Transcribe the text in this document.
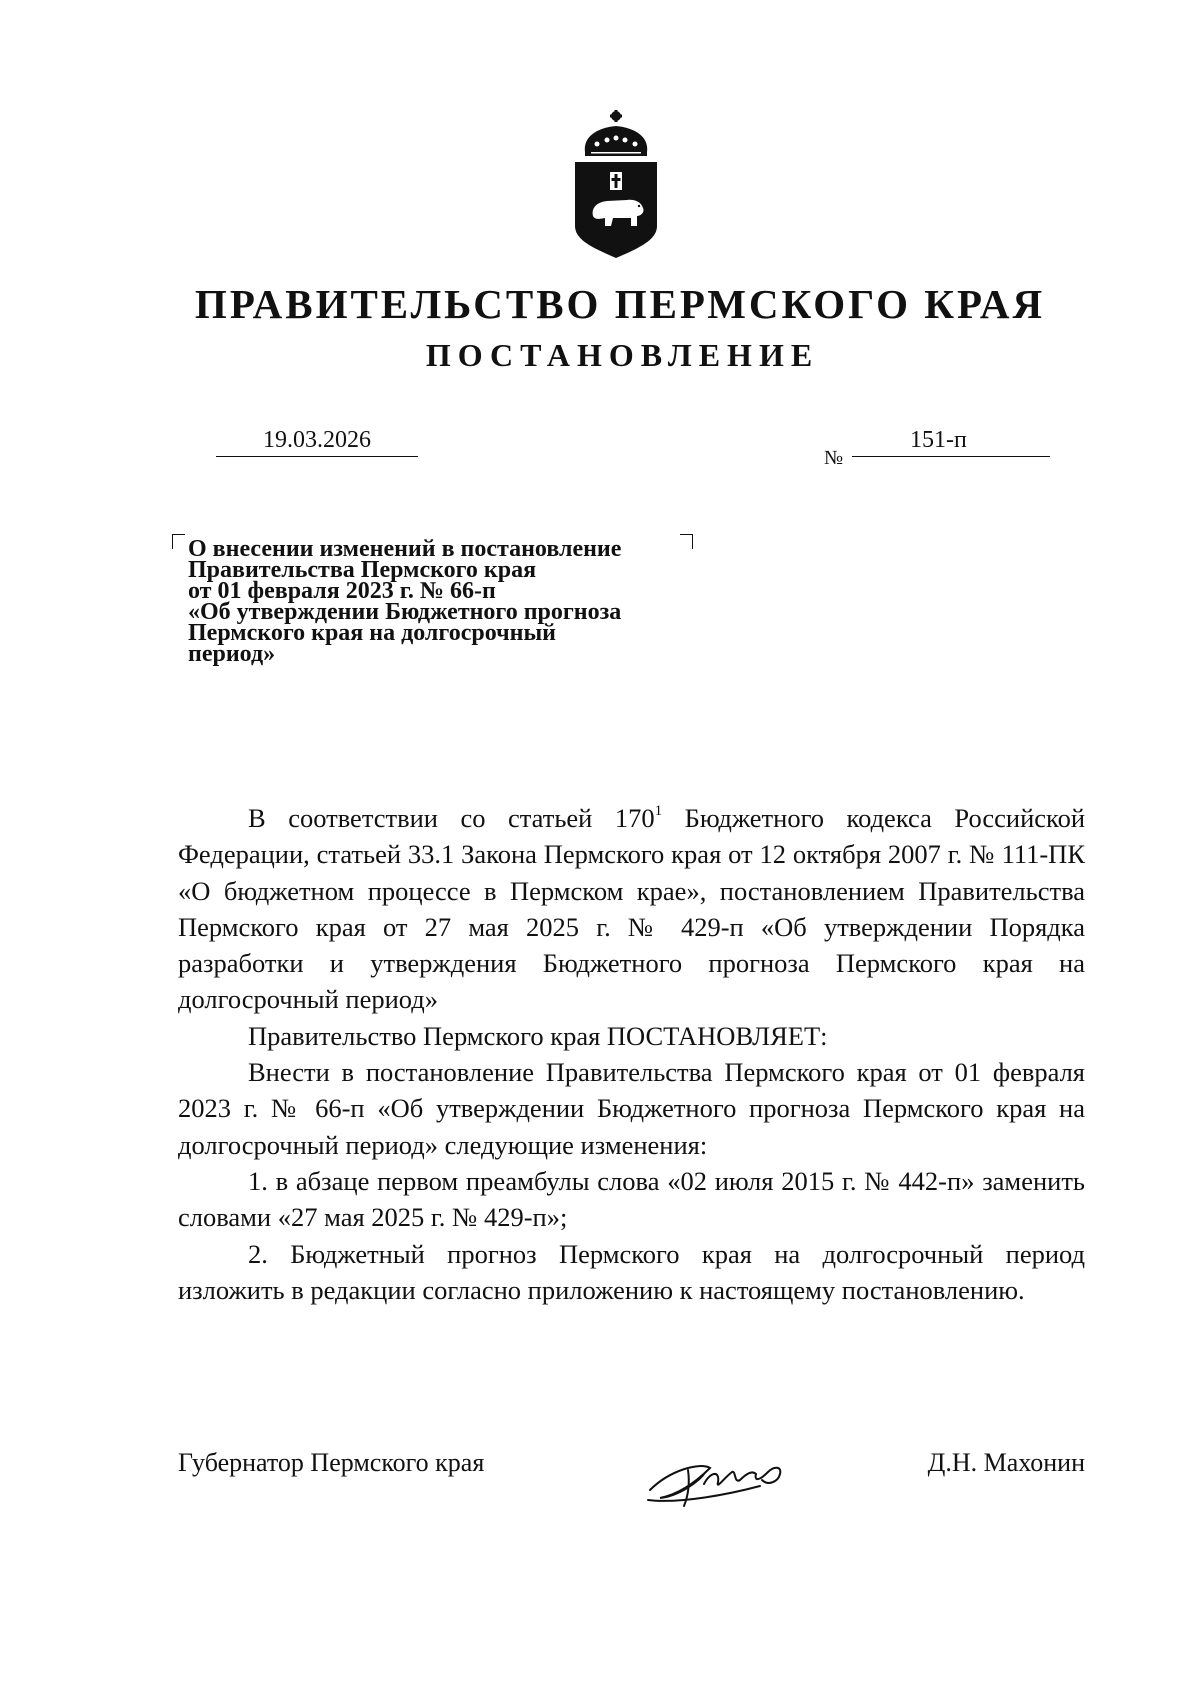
ПРАВИТЕЛЬСТВО ПЕРМСКОГО КРАЯ
ПОСТАНОВЛЕНИЕ
19.03.2026
№
151-п
О внесении изменений в постановление
Правительства Пермского края
от 01 февраля 2023 г. № 66-п
«Об утверждении Бюджетного прогноза
Пермского края на долгосрочный
период»

В соответствии со статьей $170^1$ Бюджетного кодекса Российской Федерации, статьей 33.1 Закона Пермского края от 12 октября 2007 г. № 111-ПК «О бюджетном процессе в Пермском крае», постановлением Правительства Пермского края от 27 мая 2025 г. № 429-п «Об утверждении Порядка разработки и утверждения Бюджетного прогноза Пермского края на долгосрочный период»

Правительство Пермского края ПОСТАНОВЛЯЕТ:

Внести в постановление Правительства Пермского края от 01 февраля 2023 г. № 66-п «Об утверждении Бюджетного прогноза Пермского края на долгосрочный период» следующие изменения:

1. в абзаце первом преамбулы слова «02 июля 2015 г. № 442-п» заменить словами «27 мая 2025 г. № 429-п»;

2. Бюджетный прогноз Пермского края на долгосрочный период изложить в редакции согласно приложению к настоящему постановлению.

Губернатор Пермского края	Д.Н. Махонин
